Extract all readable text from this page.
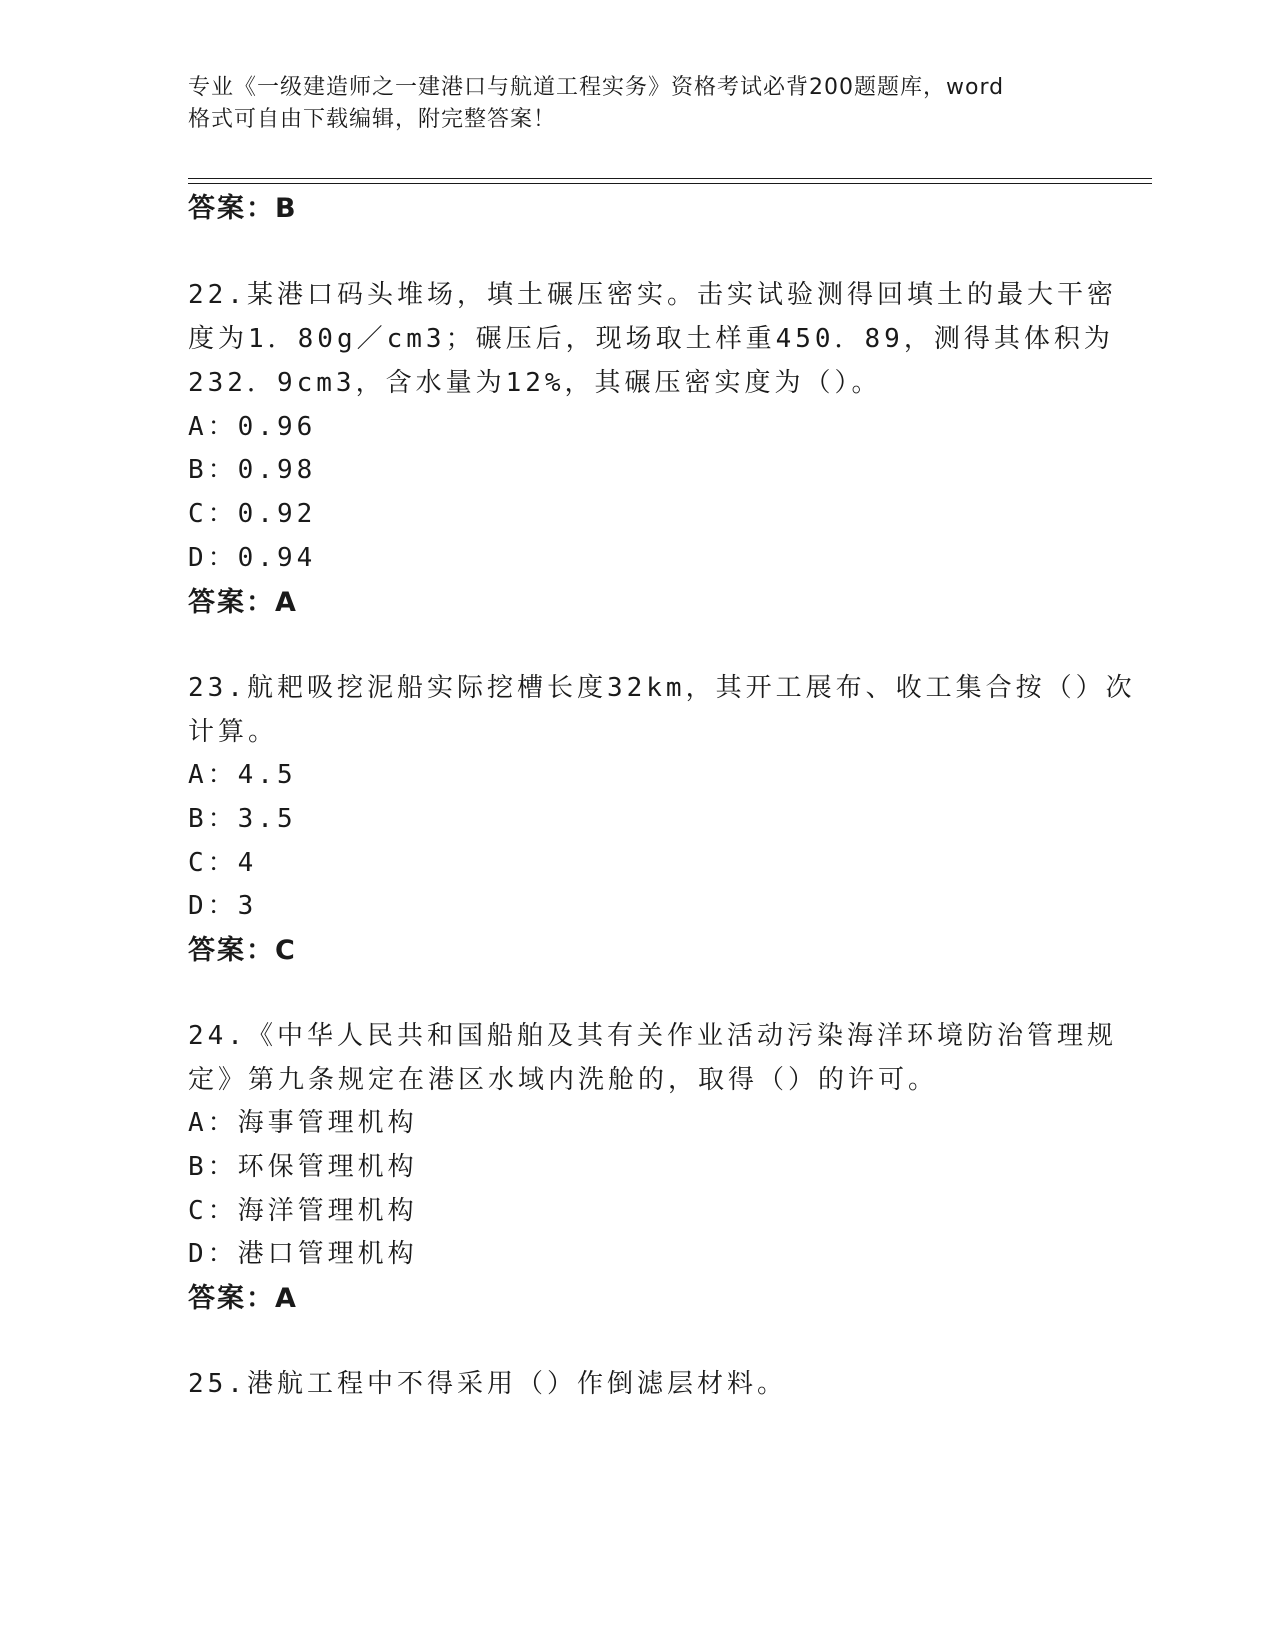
专业《一级建造师之一建港口与航道工程实务》资格考试必背200题题库，word
格式可自由下载编辑，附完整答案！
答案：B
22.某港口码头堆场，填土碾压密实。击实试验测得回填土的最大干密
度为1．80g／cm3；碾压后，现场取土样重450．89，测得其体积为
232．9cm3，含水量为12%，其碾压密实度为（）。
A：0.96
B：0.98
C：0.92
D：0.94
答案：A
23.航耙吸挖泥船实际挖槽长度32km，其开工展布、收工集合按（）次
计算。
A：4.5
B：3.5
C：4
D：3
答案：C
24.《中华人民共和国船舶及其有关作业活动污染海洋环境防治管理规
定》第九条规定在港区水域内洗舱的，取得（）的许可。
A：海事管理机构
B：环保管理机构
C：海洋管理机构
D：港口管理机构
答案：A
25.港航工程中不得采用（）作倒滤层材料。
